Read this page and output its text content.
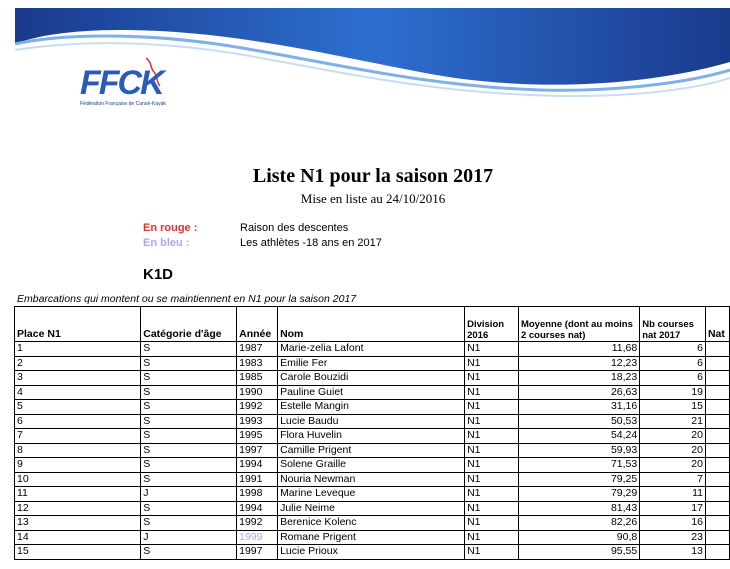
FFCK
Fédération Française de Canoë-Kayak
Liste N1 pour la saison 2017
Mise en liste au 24/10/2016
En rouge :	Raison des descentes
En bleu :	Les athlètes -18 ans en 2017
K1D
Embarcations qui montent ou se maintiennent en N1 pour la saison 2017
Place N1	Catégorie d'âge	Année	Nom	Division 2016	Moyenne (dont au moins 2 courses nat)	Nb courses nat 2017	Nat
1	S	1987	Marie-zelia Lafont	N1	11,68	6	
2	S	1983	Emilie Fer	N1	12,23	6	
3	S	1985	Carole Bouzidi	N1	18,23	6	
4	S	1990	Pauline Guiet	N1	26,63	19	
5	S	1992	Estelle Mangin	N1	31,16	15	
6	S	1993	Lucie Baudu	N1	50,53	21	
7	S	1995	Flora Huvelin	N1	54,24	20	
8	S	1997	Camille Prigent	N1	59,93	20	
9	S	1994	Solene Graille	N1	71,53	20	
10	S	1991	Nouria Newman	N1	79,25	7	
11	J	1998	Marine Leveque	N1	79,29	11	
12	S	1994	Julie Neime	N1	81,43	17	
13	S	1992	Berenice Kolenc	N1	82,26	16	
14	J	1999	Romane Prigent	N1	90,8	23	
15	S	1997	Lucie Prioux	N1	95,55	13	
